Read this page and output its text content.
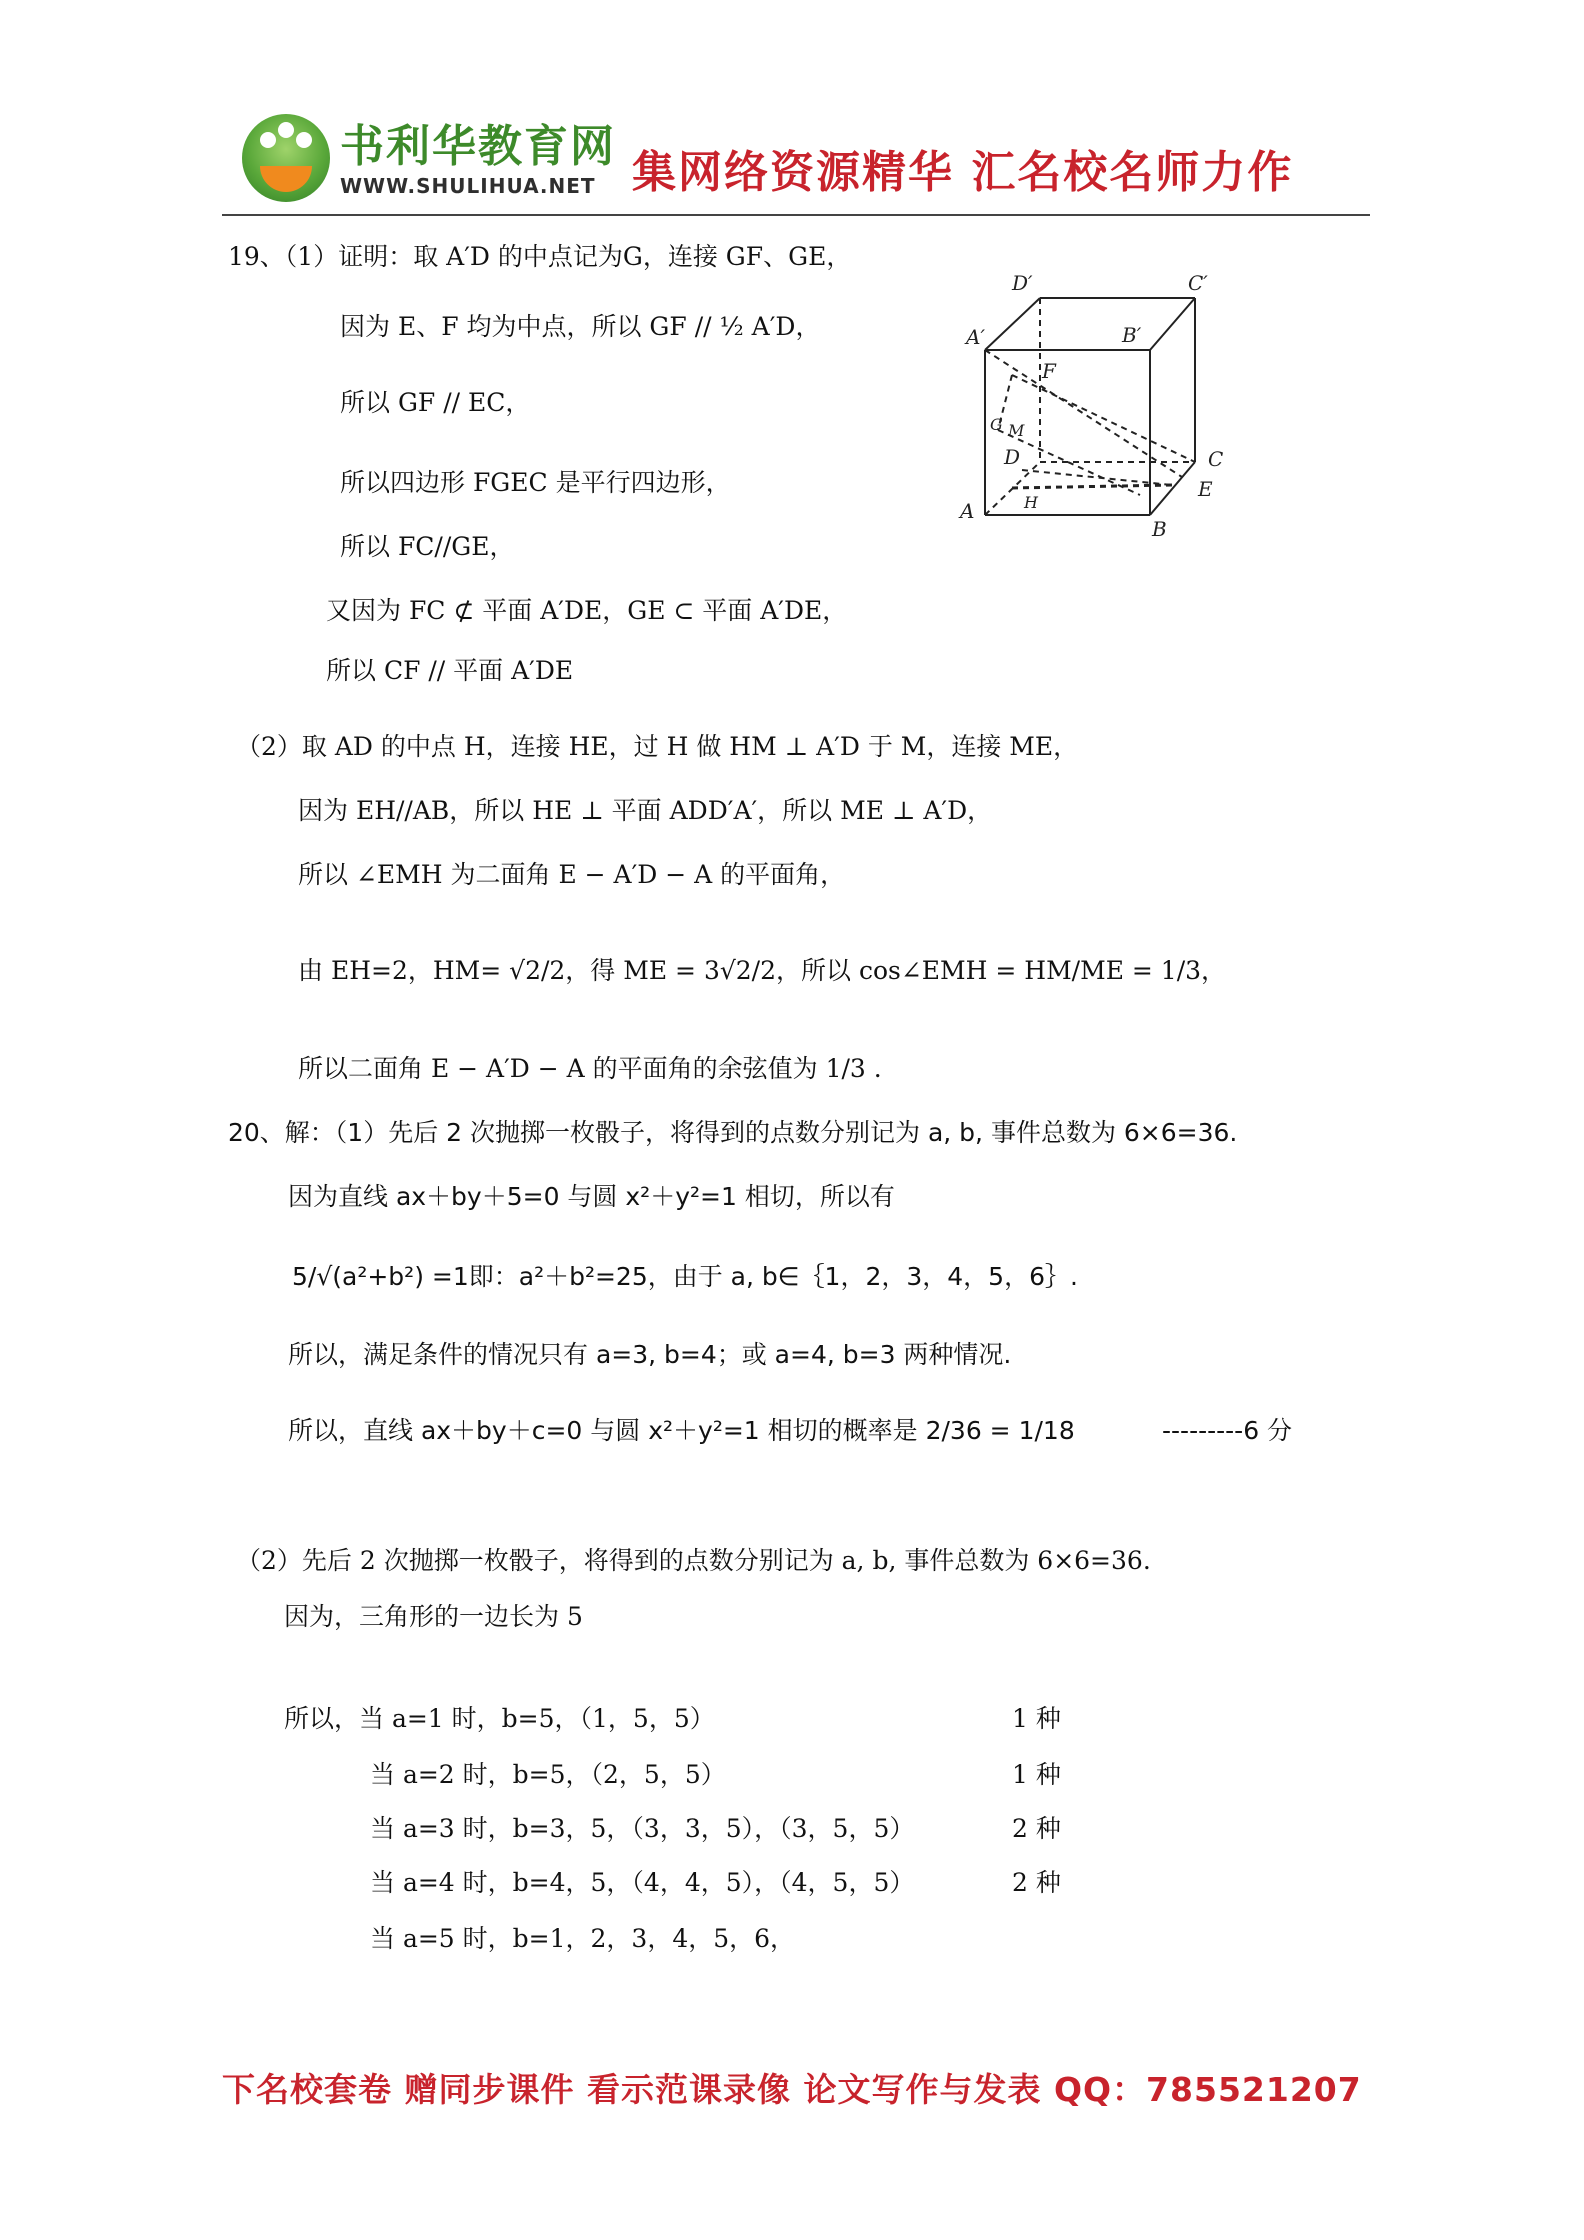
书利华教育网
WWW.SHULIHUA.NET 集网络资源精华 汇名校名师力作
19、（1）证明：取 A′D 的中点记为G，连接 GF、GE，
因为 E、F 均为中点，所以 GF // ½ A′D，
所以 GF // EC，
所以四边形 FGEC 是平行四边形，
所以 FC//GE，
又因为 FC ⊄ 平面 A′DE，GE ⊂ 平面 A′DE，
所以 CF // 平面 A′DE
D′	C′
A′	B′
F
G M
D	C
E
A	H
B
（2）取 AD 的中点 H，连接 HE，过 H 做 HM ⊥ A′D 于 M，连接 ME，
因为 EH//AB，所以 HE ⊥ 平面 ADD′A′，所以 ME ⊥ A′D，
所以 ∠EMH 为二面角 E − A′D − A 的平面角，
由 EH=2，HM= √2/2，得 ME = 3√2/2，所以 cos∠EMH = HM/ME = 1/3，
所以二面角 E − A′D − A 的平面角的余弦值为 1/3 .
20、解：（1）先后 2 次抛掷一枚骰子，将得到的点数分别记为 a, b, 事件总数为 6×6=36.
因为直线 ax＋by＋5=0 与圆 x²＋y²=1 相切，所以有
5/√(a²+b²) =1即：a²＋b²=25，由于 a, b∈｛1，2，3，4，5，6｝.
所以，满足条件的情况只有 a=3, b=4；或 a=4, b=3 两种情况.
所以，直线 ax＋by＋c=0 与圆 x²＋y²=1 相切的概率是 2/36 = 1/18	---------6 分
（2）先后 2 次抛掷一枚骰子，将得到的点数分别记为 a, b, 事件总数为 6×6=36.
因为，三角形的一边长为 5
所以，当 a=1 时，b=5，（1，5，5）	1 种
当 a=2 时，b=5，（2，5，5）	1 种
当 a=3 时，b=3，5，（3，3，5），（3，5，5）	2 种
当 a=4 时，b=4，5，（4，4，5），（4，5，5）	2 种
当 a=5 时，b=1，2，3，4，5，6，
下名校套卷 赠同步课件 看示范课录像 论文写作与发表 QQ：785521207
